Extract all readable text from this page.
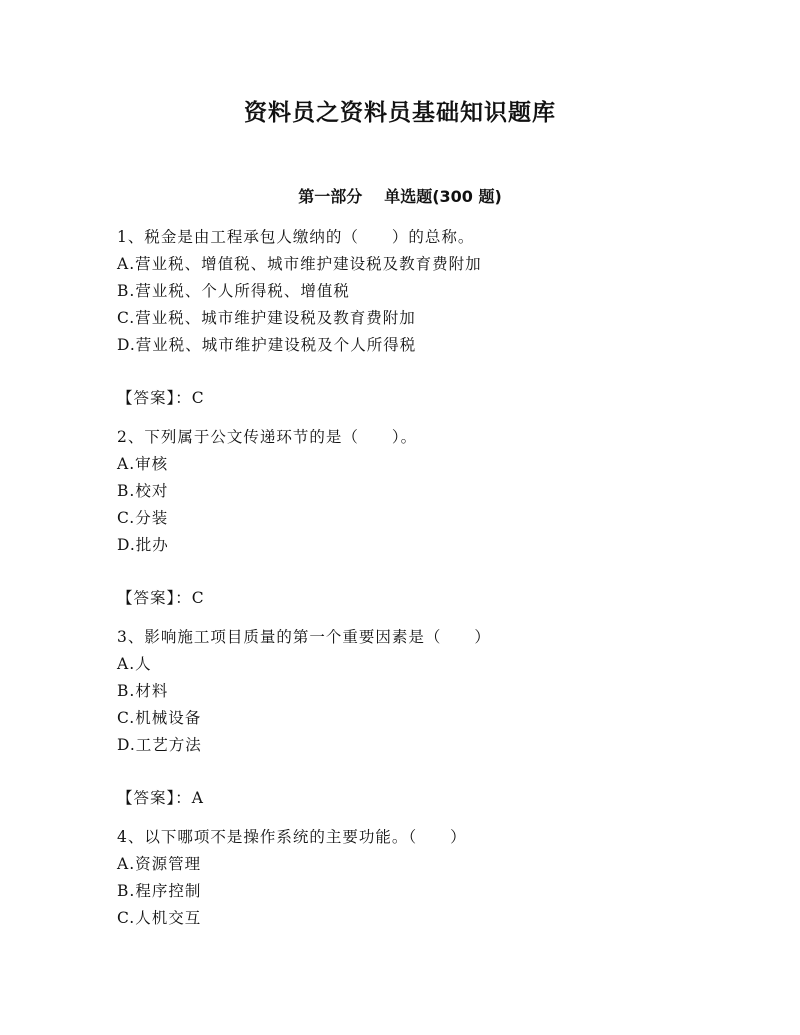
资料员之资料员基础知识题库
第一部分 单选题(300 题)
1、税金是由工程承包人缴纳的（　　）的总称。
A.营业税、增值税、城市维护建设税及教育费附加
B.营业税、个人所得税、增值税
C.营业税、城市维护建设税及教育费附加
D.营业税、城市维护建设税及个人所得税
【答案】：C
2、下列属于公文传递环节的是（　　）。
A.审核
B.校对
C.分装
D.批办
【答案】：C
3、影响施工项目质量的第一个重要因素是（　　）
A.人
B.材料
C.机械设备
D.工艺方法
【答案】：A
4、以下哪项不是操作系统的主要功能。（　　）
A.资源管理
B.程序控制
C.人机交互
